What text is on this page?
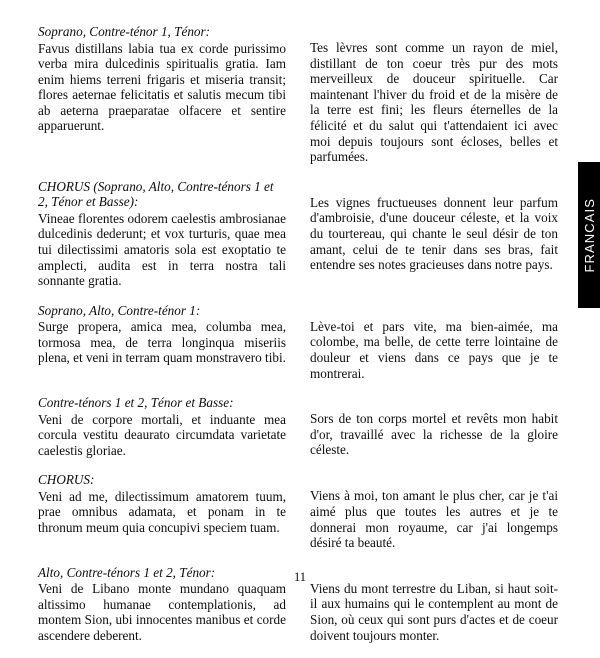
Soprano, Contre-ténor 1, Ténor:
Favus distillans labia tua ex corde purissimo verba mira dulcedinis spiritualis gratia. Iam enim hiems terreni frigaris et miseria transit; flores aeternae felicitatis et salutis mecum tibi ab aeterna praeparatae olfacere et sentire apparuerunt.
Tes lèvres sont comme un rayon de miel, distillant de ton coeur très pur des mots merveilleux de douceur spirituelle. Car maintenant l'hiver du froid et de la misère de la terre est fini; les fleurs éternelles de la félicité et du salut qui t'attendaient ici avec moi depuis toujours sont écloses, belles et parfumées.
CHORUS (Soprano, Alto, Contre-ténors 1 et 2, Ténor et Basse):
Vineae florentes odorem caelestis ambrosianae dulcedinis dederunt; et vox turturis, quae mea tui dilectissimi amatoris sola est exoptatio te amplecti, audita est in terra nostra tali sonnante gratia.
Les vignes fructueuses donnent leur parfum d'ambroisie, d'une douceur céleste, et la voix du tourtereau, qui chante le seul désir de ton amant, celui de te tenir dans ses bras, fait entendre ses notes gracieuses dans notre pays.
Soprano, Alto, Contre-ténor 1:
Surge propera, amica mea, columba mea, tormosa mea, de terra longinqua miseriis plena, et veni in terram quam monstravero tibi.
Lève-toi et pars vite, ma bien-aimée, ma colombe, ma belle, de cette terre lointaine de douleur et viens dans ce pays que je te montrerai.
Contre-ténors 1 et 2, Ténor et Basse:
Veni de corpore mortali, et induante mea corcula vestitu deaurato circumdata varietate caelestis gloriae.
Sors de ton corps mortel et revêts mon habit d'or, travaillé avec la richesse de la gloire céleste.
CHORUS:
Veni ad me, dilectissimum amatorem tuum, prae omnibus adamata, et ponam in te thronum meum quia concupivi speciem tuam.
Viens à moi, ton amant le plus cher, car je t'ai aimé plus que toutes les autres et je te donnerai mon royaume, car j'ai longemps désiré ta beauté.
Alto, Contre-ténors 1 et 2, Ténor:
Veni de Libano monte mundano quaquam altissimo humanae contemplationis, ad montem Sion, ubi innocentes manibus et corde ascendere deberent.
Viens du mont terrestre du Liban, si haut soit-il aux humains qui le contemplent au mont de Sion, où ceux qui sont purs d'actes et de coeur doivent toujours monter.
FRANCAIS
11
